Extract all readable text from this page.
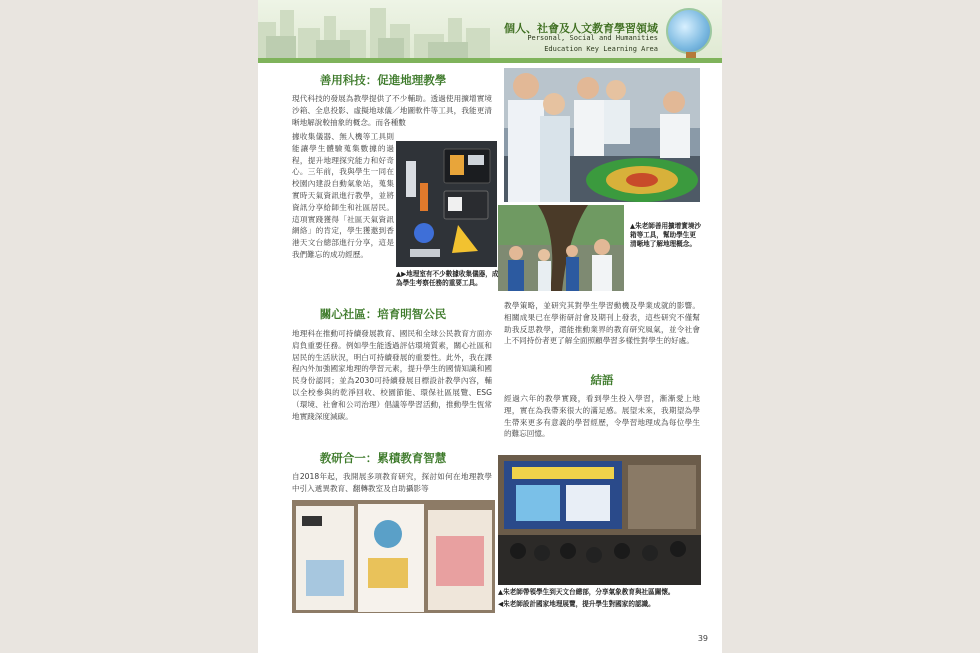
個人、社會及人文教育學習領域
Personal, Social and Humanities
Education Key Learning Area
善用科技：促進地理教學

現代科技的發展為教學提供了不少輔助。透過使用擴增實境沙箱、全息投影、虛擬地球儀／地圖軟件等工具，我能更清晰地解說較抽象的概念。而各種數

據收集儀器、無人機等工具則能讓學生體驗蒐集數據的過程，提升地理探究能力和好奇心。三年前，我與學生一同在校園內建設自動氣象站，蒐集實時天氣資訊進行教學，並將資訊分享給師生和社區居民。這項實踐獲得「社區天氣資訊網絡」的肯定，學生獲邀到香港天文台總部進行分享，這是我們難忘的成功經歷。

▲▶地理室有不少數據收集儀器，成為學生考察任務的重要工具。
▲朱老師善用擴增實境沙箱等工具，幫助學生更清晰地了解地理概念。
關心社區：培育明智公民

地理科在推動可持續發展教育、國民和全球公民教育方面亦肩負重要任務。例如學生能透過評估環境質素，關心社區和居民的生活狀況，明白可持續發展的重要性。此外，我在課程內外加強國家地理的學習元素，提升學生的國情知識和國民身份認同；並為2030可持續發展目標設計教學內容，輔以全校參與的乾淨回收、校園節能、環保社區展覽、ESG（環境、社會和公司治理）倡議等學習活動，推動學生恆常地實踐深度減碳。

教研合一：累積教育智慧

自2018年起，我開展多項教育研究，探討如何在地理教學中引入遞異教育、翻轉教室及自助攝影等

教學策略，並研究其對學生學習動機及學業成就的影響。相關成果已在學術研討會及期刊上發表，這些研究不僅幫助我反思教學，還能推動業界的教育研究風氣，並令社會上不同持份者更了解全面照顧學習多樣性對學生的好處。

結語

經過六年的教學實踐，看到學生投入學習，漸漸愛上地理，實在為我帶來很大的滿足感。展望未來，我期望為學生帶來更多有意義的學習經歷，令學習地理成為每位學生的難忘回憶。

▲朱老師帶領學生到天文台總部，分享氣象教育與社區關懷。
◀朱老師設計國家地理展覽，提升學生對國家的認識。
39
